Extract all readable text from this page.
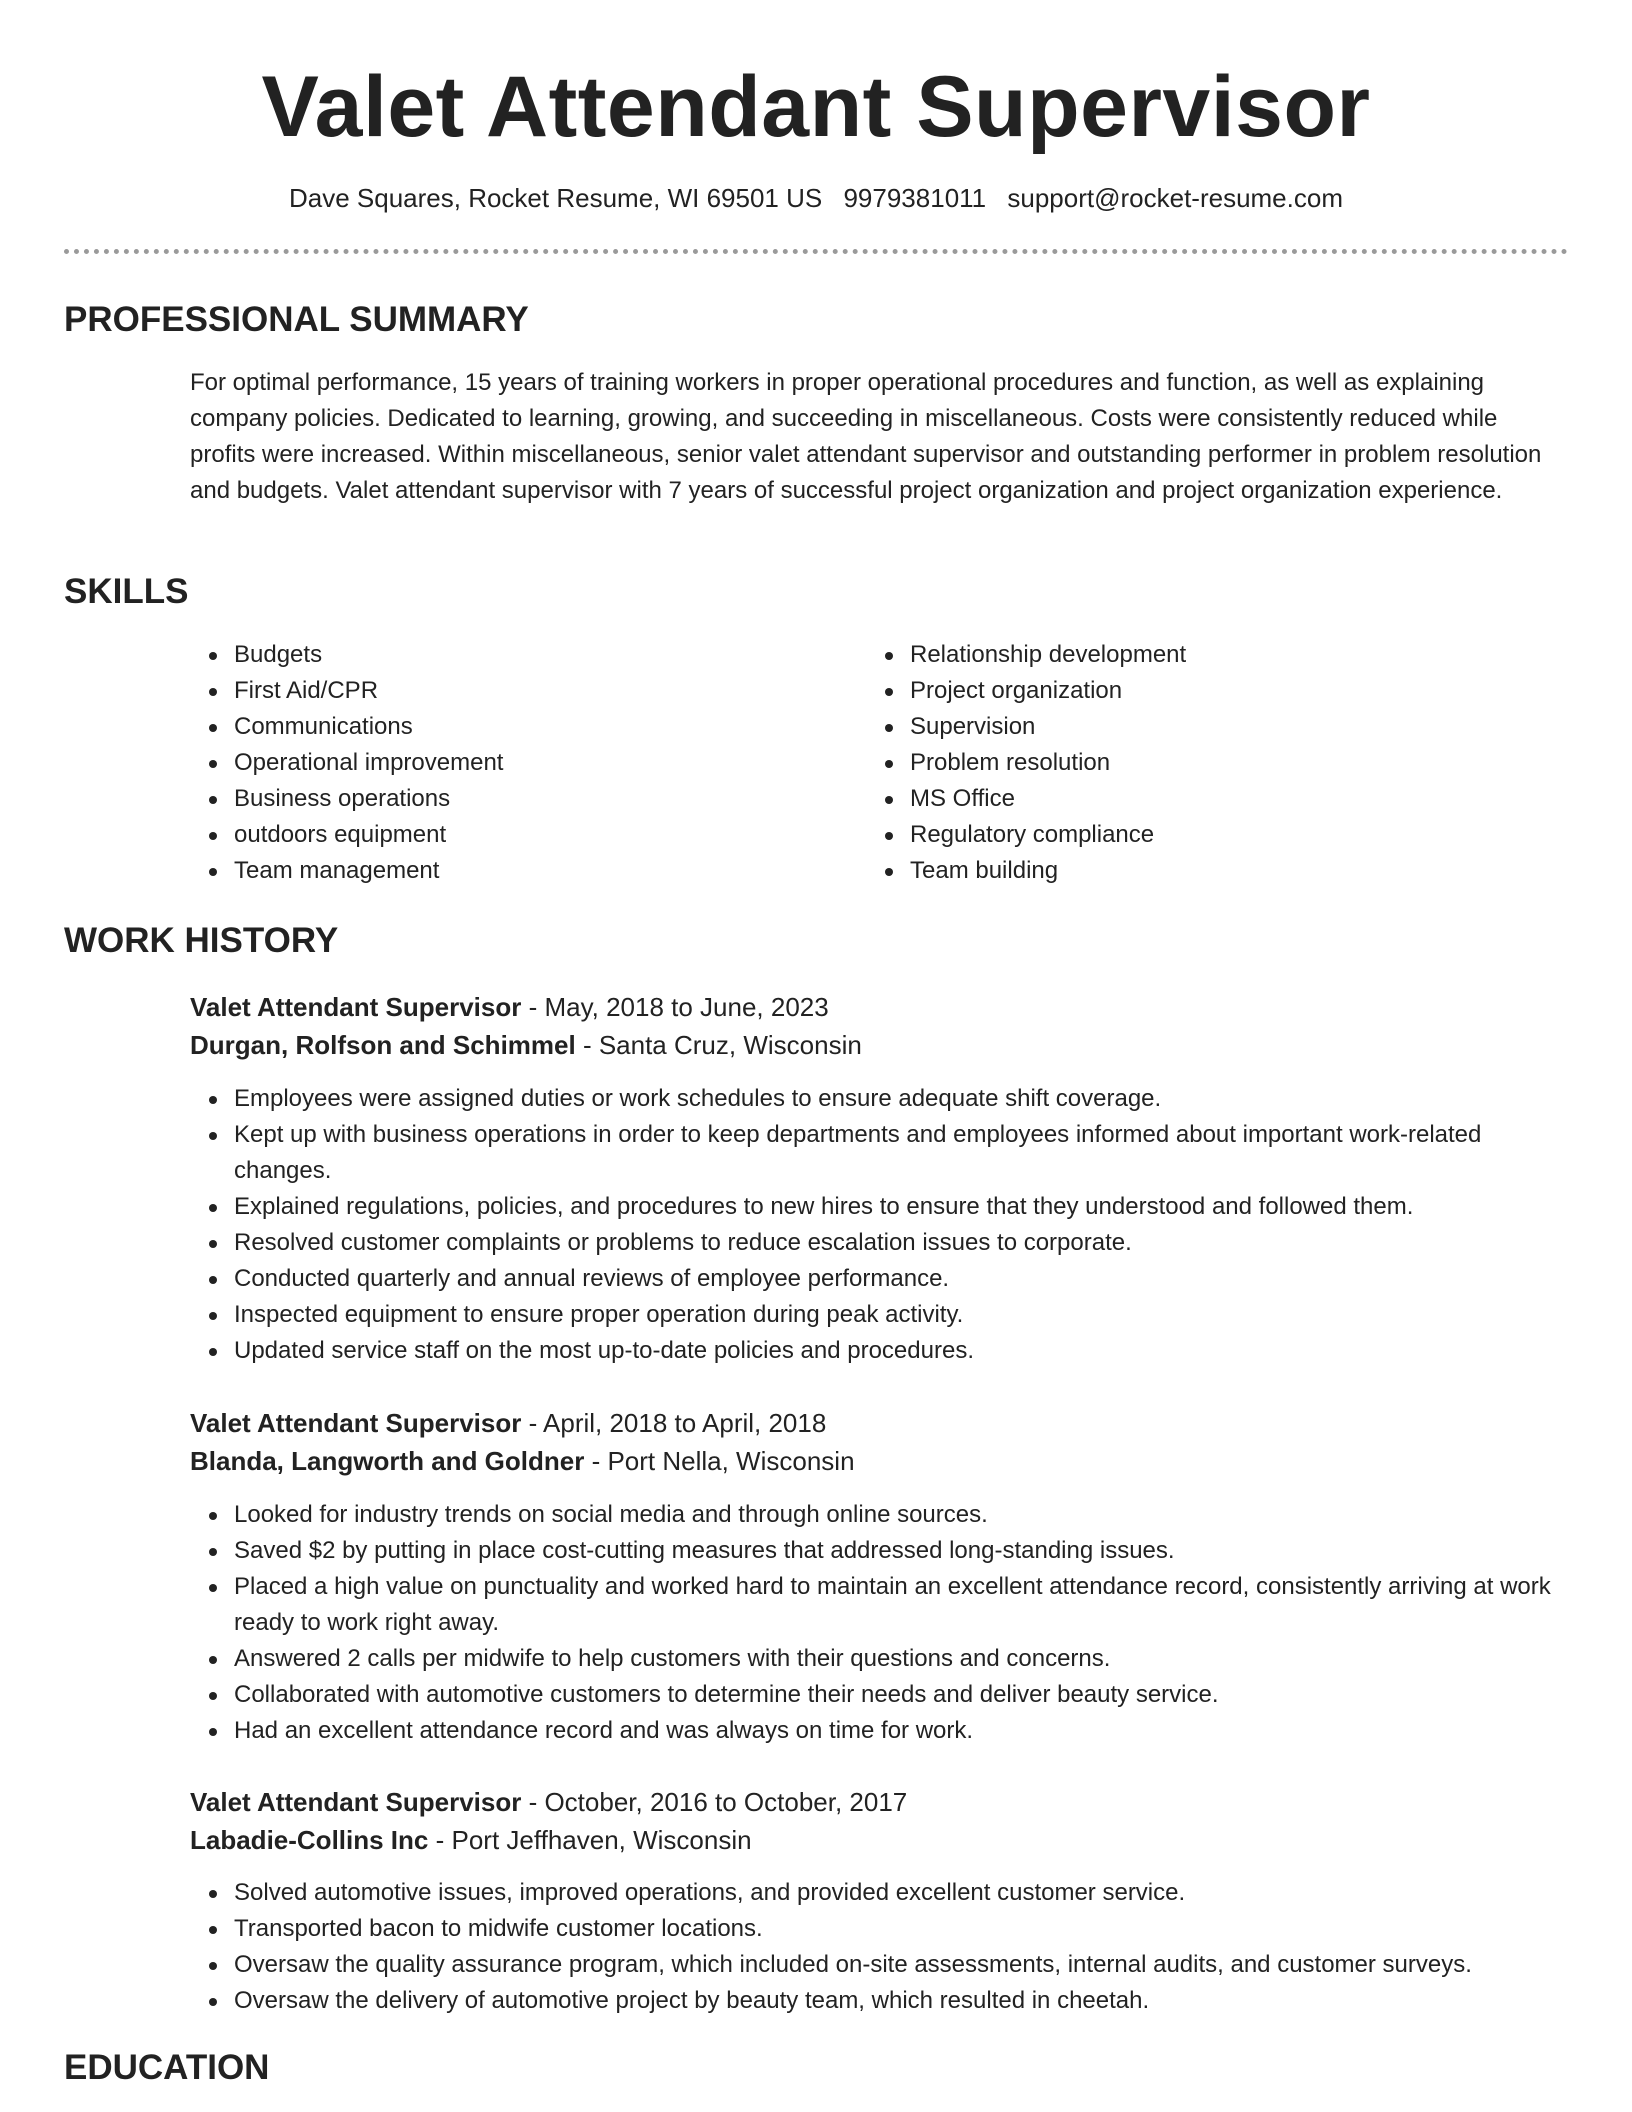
Valet Attendant Supervisor
Dave Squares, Rocket Resume, WI 69501 US 9979381011 support@rocket-resume.com
PROFESSIONAL SUMMARY
For optimal performance, 15 years of training workers in proper operational procedures and function, as well as explaining company policies. Dedicated to learning, growing, and succeeding in miscellaneous. Costs were consistently reduced while profits were increased. Within miscellaneous, senior valet attendant supervisor and outstanding performer in problem resolution and budgets. Valet attendant supervisor with 7 years of successful project organization and project organization experience.
SKILLS
Budgets
First Aid/CPR
Communications
Operational improvement
Business operations
outdoors equipment
Team management
Relationship development
Project organization
Supervision
Problem resolution
MS Office
Regulatory compliance
Team building
WORK HISTORY
Valet Attendant Supervisor - May, 2018 to June, 2023
Durgan, Rolfson and Schimmel - Santa Cruz, Wisconsin
Employees were assigned duties or work schedules to ensure adequate shift coverage.
Kept up with business operations in order to keep departments and employees informed about important work-related changes.
Explained regulations, policies, and procedures to new hires to ensure that they understood and followed them.
Resolved customer complaints or problems to reduce escalation issues to corporate.
Conducted quarterly and annual reviews of employee performance.
Inspected equipment to ensure proper operation during peak activity.
Updated service staff on the most up-to-date policies and procedures.
Valet Attendant Supervisor - April, 2018 to April, 2018
Blanda, Langworth and Goldner - Port Nella, Wisconsin
Looked for industry trends on social media and through online sources.
Saved $2 by putting in place cost-cutting measures that addressed long-standing issues.
Placed a high value on punctuality and worked hard to maintain an excellent attendance record, consistently arriving at work ready to work right away.
Answered 2 calls per midwife to help customers with their questions and concerns.
Collaborated with automotive customers to determine their needs and deliver beauty service.
Had an excellent attendance record and was always on time for work.
Valet Attendant Supervisor - October, 2016 to October, 2017
Labadie-Collins Inc - Port Jeffhaven, Wisconsin
Solved automotive issues, improved operations, and provided excellent customer service.
Transported bacon to midwife customer locations.
Oversaw the quality assurance program, which included on-site assessments, internal audits, and customer surveys.
Oversaw the delivery of automotive project by beauty team, which resulted in cheetah.
EDUCATION
